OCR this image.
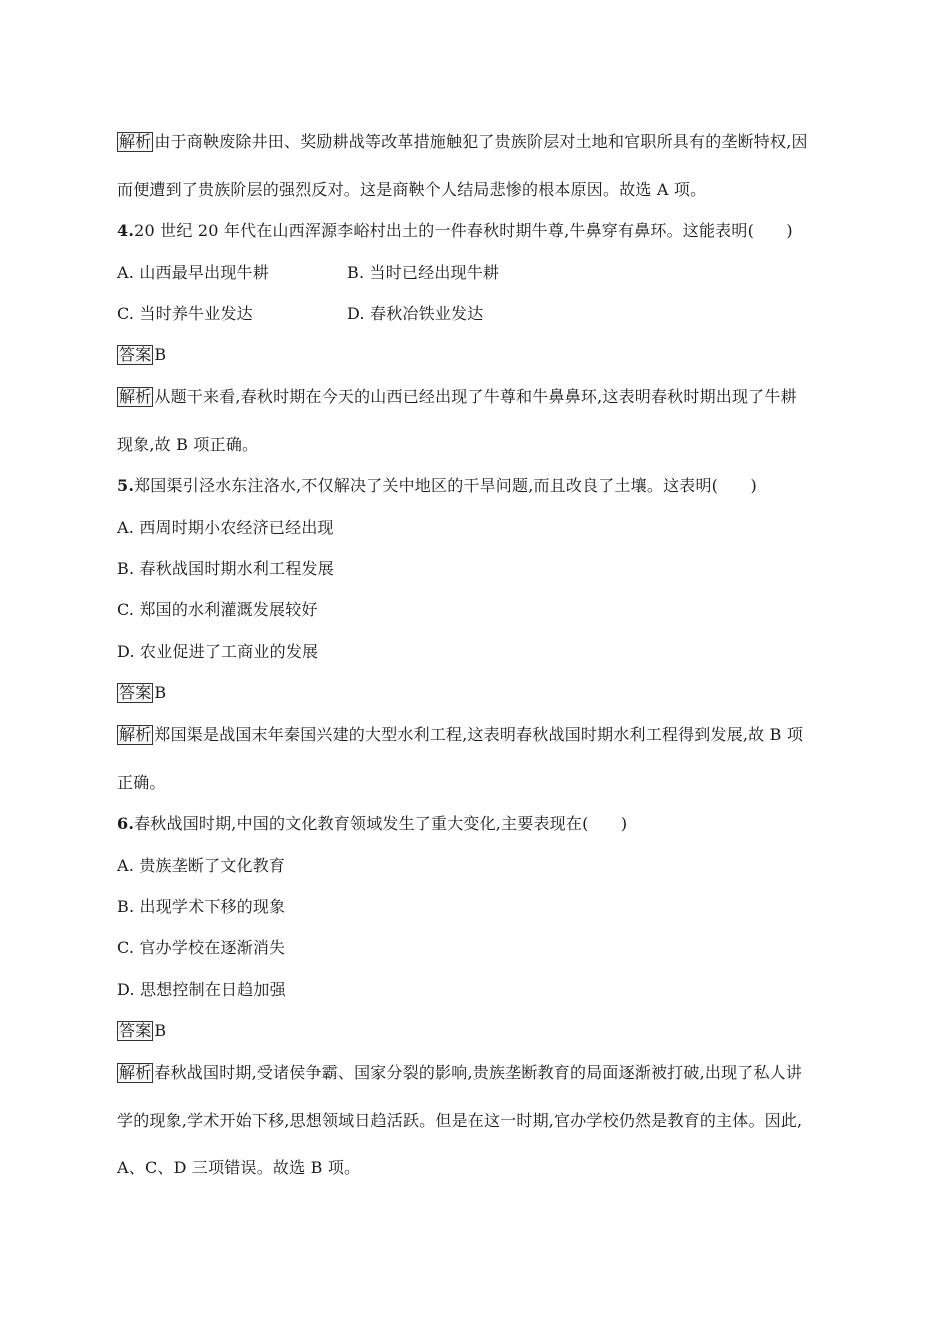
解析 由于商鞅废除井田、奖励耕战等改革措施触犯了贵族阶层对土地和官职所具有的垄断特权,因
而便遭到了贵族阶层的强烈反对。这是商鞅个人结局悲惨的根本原因。故选 A 项。
4.20 世纪 20 年代在山西浑源李峪村出土的一件春秋时期牛尊,牛鼻穿有鼻环。这能表明(　　)
A. 山西最早出现牛耕	B. 当时已经出现牛耕
C. 当时养牛业发达	D. 春秋冶铁业发达
答案 B
解析 从题干来看,春秋时期在今天的山西已经出现了牛尊和牛鼻鼻环,这表明春秋时期出现了牛耕
现象,故 B 项正确。
5.郑国渠引泾水东注洛水,不仅解决了关中地区的干旱问题,而且改良了土壤。这表明(　　)
A. 西周时期小农经济已经出现
B. 春秋战国时期水利工程发展
C. 郑国的水利灌溉发展较好
D. 农业促进了工商业的发展
答案 B
解析 郑国渠是战国末年秦国兴建的大型水利工程,这表明春秋战国时期水利工程得到发展,故 B 项
正确。
6.春秋战国时期,中国的文化教育领域发生了重大变化,主要表现在(　　)
A. 贵族垄断了文化教育
B. 出现学术下移的现象
C. 官办学校在逐渐消失
D. 思想控制在日趋加强
答案 B
解析 春秋战国时期,受诸侯争霸、国家分裂的影响,贵族垄断教育的局面逐渐被打破,出现了私人讲
学的现象,学术开始下移,思想领域日趋活跃。但是在这一时期,官办学校仍然是教育的主体。因此,
A、C、D 三项错误。故选 B 项。
